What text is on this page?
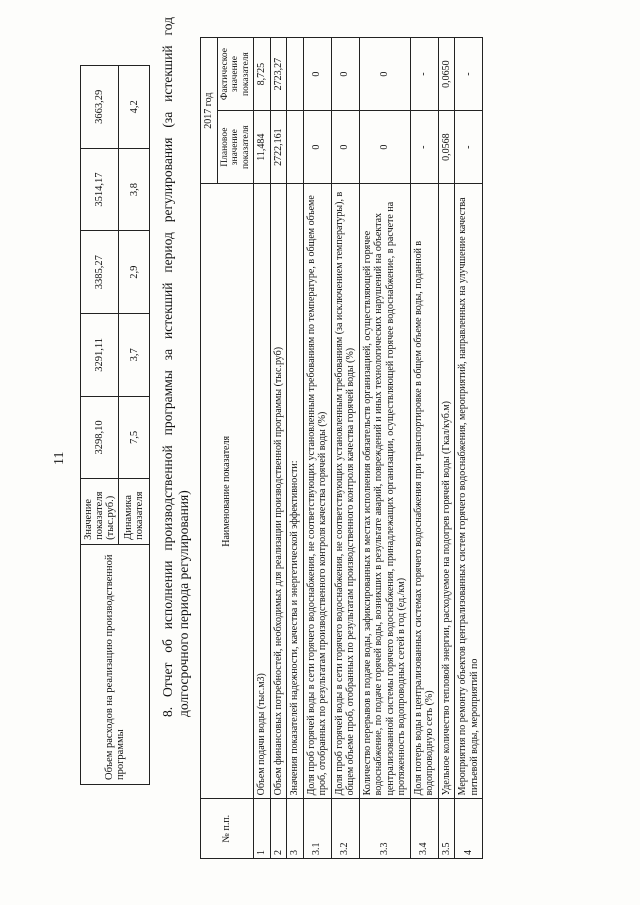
11
Объем расходов на реализацию производственной программы	Значение показателя (тыс.руб.)	3298,10	3291,11	3385,27	3514,17	3663,29
	Динамика показателя	7,5	3,7	2,9	3,8	4,2 8. Отчет об исполнении производственной программы за истекший период регулирования (за истекший год долгосрочного периода регулирования)
№ п.п.	Наименование показателя	2017 год	
		Плановое значение показателя	Фактическое значение показателя
1	Объем подачи воды (тыс.м3)	11,484	8,725
2	Объем финансовых потребностей, необходимых для реализации производственной программы (тыс.руб)	2722,161	2723,27
3	Значения показателей надежности, качества и энергетической эффективности:		
3.1	Доля проб горячей воды в сети горячего водоснабжения, не соответствующих установленным требованиям по температуре, в общем объеме проб, отобранных по результатам производственного контроля качества горячей воды (%)	0	0
3.2	Доля проб горячей воды в сети горячего водоснабжения, не соответствующих установленным требованиям (за исключением температуры), в общем объеме проб, отобранных по результатам производственного контроля качества горячей воды (%)	0	0
3.3	Количество перерывов в подаче воды, зафиксированных в местах исполнения обязательств организацией, осуществляющей горячее водоснабжение, по подаче горячей воды, возникших в результате аварий, повреждений и иных технологических нарушений на объектах централизованной системы горячего водоснабжения, принадлежащих организации, осуществляющей горячее водоснабжение, в расчете на протяженность водопроводных сетей в год (ед./км)	0	0
3.4	Доля потерь воды в централизованных системах горячего водоснабжения при транспортировке в общем объеме воды, поданной в водопроводную сеть (%)	-	-
3.5	Удельное количество тепловой энергии, расходуемое на подогрев горячей воды (Гкал/куб.м)	0,0568	0,0650
4	Мероприятия по ремонту объектов централизованных систем горячего водоснабжения, мероприятий, направленных на улучшение качества питьевой воды, мероприятий по	-	-
